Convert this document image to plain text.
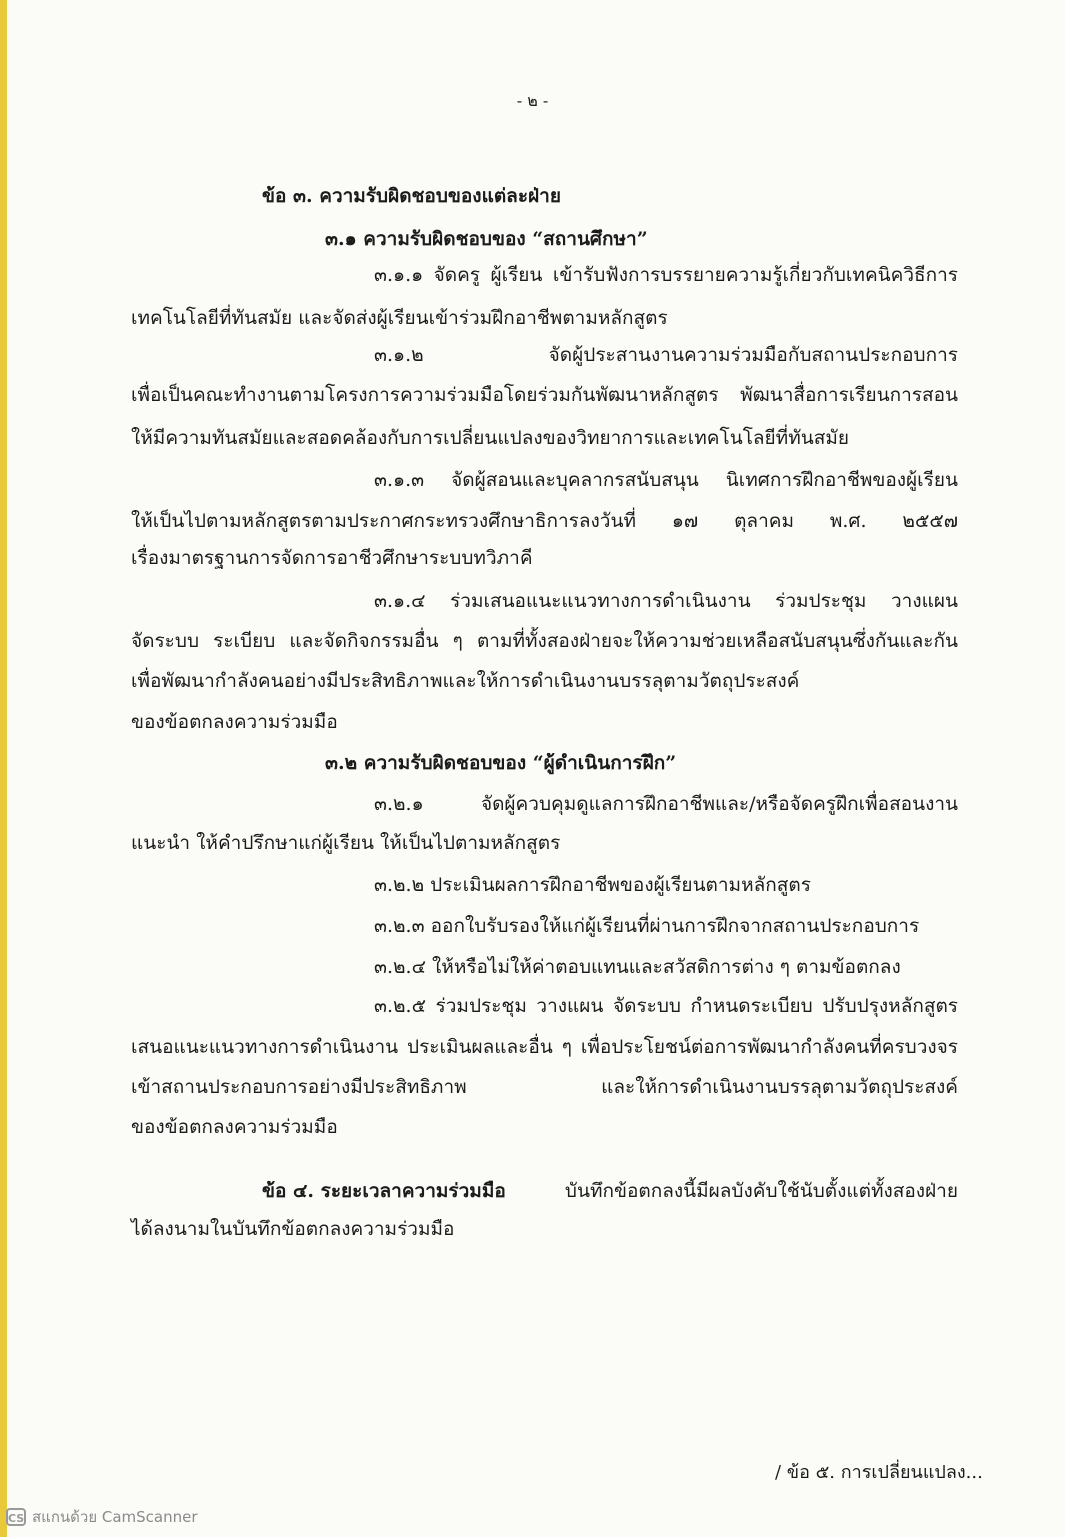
- ๒ -
ข้อ ๓. ความรับผิดชอบของแต่ละฝ่าย
๓.๑ ความรับผิดชอบของ “สถานศึกษา”
๓.๑.๑ จัดครู ผู้เรียน เข้ารับฟังการบรรยายความรู้เกี่ยวกับเทคนิควิธีการ
เทคโนโลยีที่ทันสมัย และจัดส่งผู้เรียนเข้าร่วมฝึกอาชีพตามหลักสูตร
๓.๑.๒ จัดผู้ประสานงานความร่วมมือกับสถานประกอบการ
เพื่อเป็นคณะทำงานตามโครงการความร่วมมือโดยร่วมกันพัฒนาหลักสูตร พัฒนาสื่อการเรียนการสอน
ให้มีความทันสมัยและสอดคล้องกับการเปลี่ยนแปลงของวิทยาการและเทคโนโลยีที่ทันสมัย
๓.๑.๓ จัดผู้สอนและบุคลากรสนับสนุน นิเทศการฝึกอาชีพของผู้เรียน
ให้เป็นไปตามหลักสูตรตามประกาศกระทรวงศึกษาธิการลงวันที่ ๑๗ ตุลาคม พ.ศ. ๒๕๕๗
เรื่องมาตรฐานการจัดการอาชีวศึกษาระบบทวิภาคี
๓.๑.๔ ร่วมเสนอแนะแนวทางการดำเนินงาน ร่วมประชุม วางแผน
จัดระบบ ระเบียบ และจัดกิจกรรมอื่น ๆ ตามที่ทั้งสองฝ่ายจะให้ความช่วยเหลือสนับสนุนซึ่งกันและกัน
เพื่อพัฒนากำลังคนอย่างมีประสิทธิภาพและให้การดำเนินงานบรรลุตามวัตถุประสงค์
ของข้อตกลงความร่วมมือ
๓.๒ ความรับผิดชอบของ “ผู้ดำเนินการฝึก”
๓.๒.๑ จัดผู้ควบคุมดูแลการฝึกอาชีพและ/หรือจัดครูฝึกเพื่อสอนงาน
แนะนำ ให้คำปรึกษาแก่ผู้เรียน ให้เป็นไปตามหลักสูตร
๓.๒.๒ ประเมินผลการฝึกอาชีพของผู้เรียนตามหลักสูตร
๓.๒.๓ ออกใบรับรองให้แก่ผู้เรียนที่ผ่านการฝึกจากสถานประกอบการ
๓.๒.๔ ให้หรือไม่ให้ค่าตอบแทนและสวัสดิการต่าง ๆ ตามข้อตกลง
๓.๒.๕ ร่วมประชุม วางแผน จัดระบบ กำหนดระเบียบ ปรับปรุงหลักสูตร
เสนอแนะแนวทางการดำเนินงาน ประเมินผลและอื่น ๆ เพื่อประโยชน์ต่อการพัฒนากำลังคนที่ครบวงจร
เข้าสถานประกอบการอย่างมีประสิทธิภาพ และให้การดำเนินงานบรรลุตามวัตถุประสงค์
ของข้อตกลงความร่วมมือ
ข้อ ๔. ระยะเวลาความร่วมมือ	บันทึกข้อตกลงนี้มีผลบังคับใช้นับตั้งแต่ทั้งสองฝ่าย
ได้ลงนามในบันทึกข้อตกลงความร่วมมือ
/ ข้อ ๕. การเปลี่ยนแปลง...
CS สแกนด้วย CamScanner
